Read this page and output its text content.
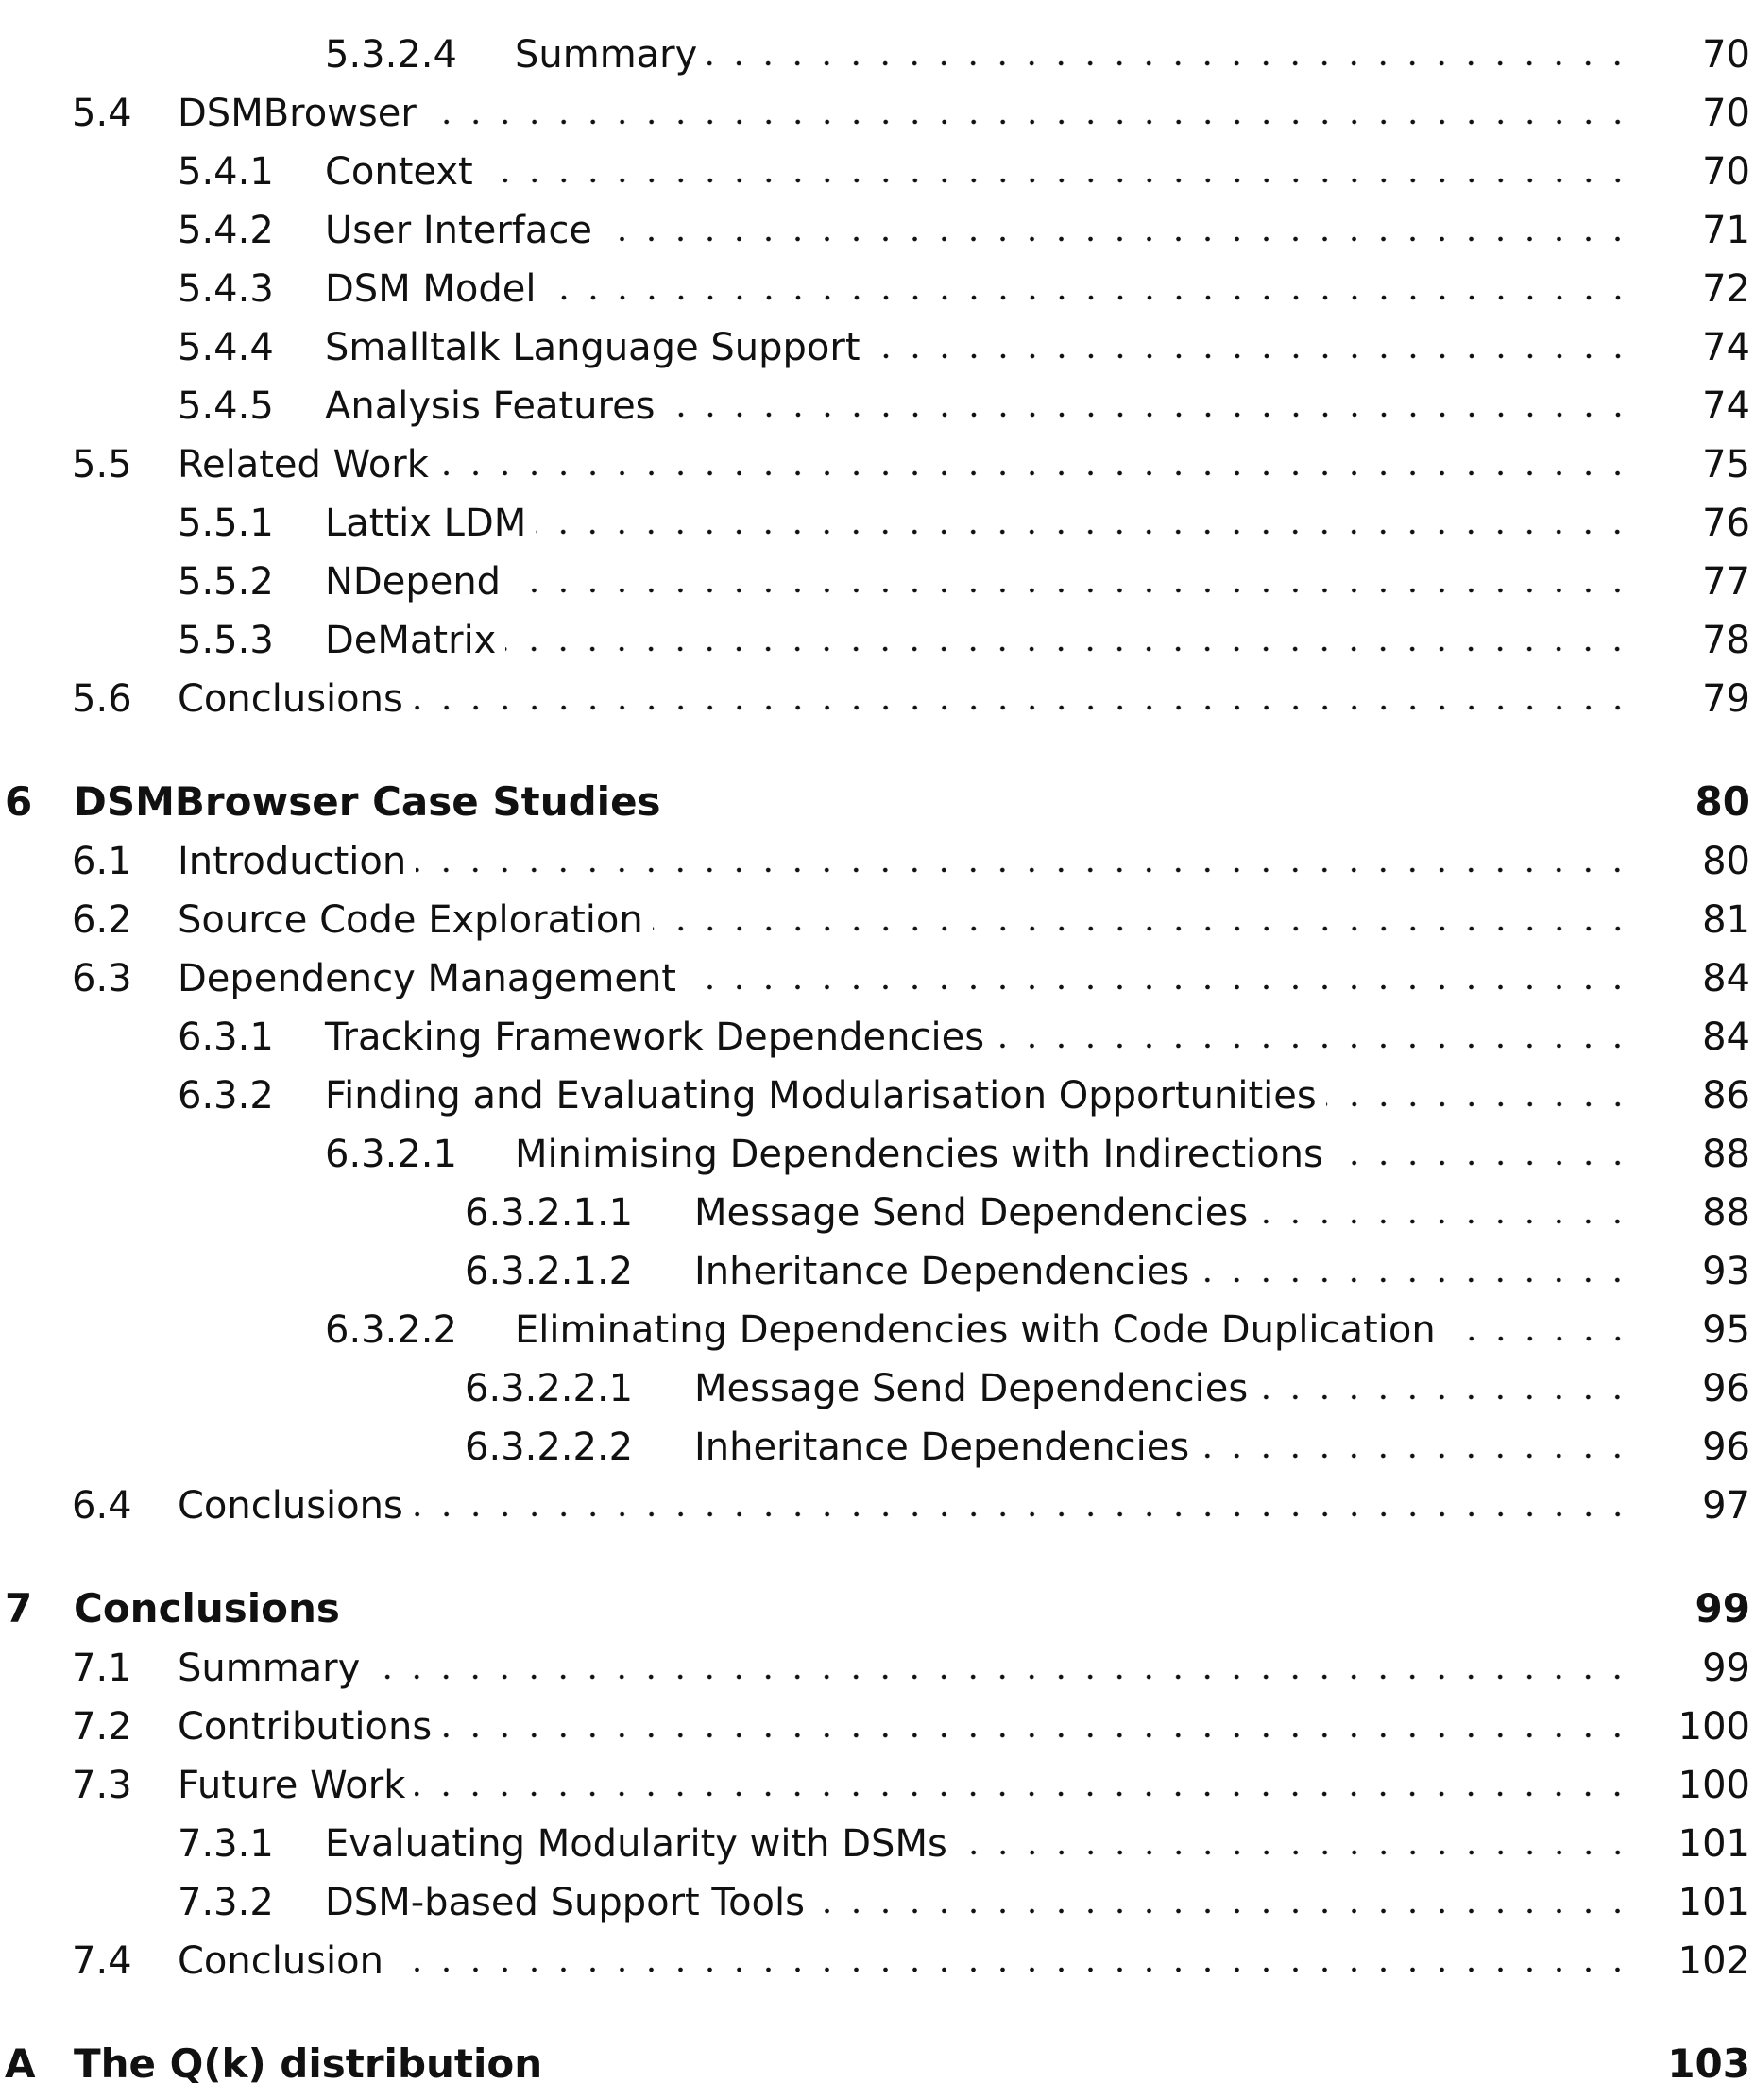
5.3.2.4 Summary	70
5.4 DSMBrowser	70
5.4.1 Context	70
5.4.2 User Interface	71
5.4.3 DSM Model	72
5.4.4 Smalltalk Language Support	74
5.4.5 Analysis Features	74
5.5 Related Work	75
5.5.1 Lattix LDM	76
5.5.2 NDepend	77
5.5.3 DeMatrix	78
5.6 Conclusions	79
6 DSMBrowser Case Studies	80
6.1 Introduction	80
6.2 Source Code Exploration	81
6.3 Dependency Management	84
6.3.1 Tracking Framework Dependencies	84
6.3.2 Finding and Evaluating Modularisation Opportunities	86
6.3.2.1 Minimising Dependencies with Indirections	88
6.3.2.1.1 Message Send Dependencies	88
6.3.2.1.2 Inheritance Dependencies	93
6.3.2.2 Eliminating Dependencies with Code Duplication	95
6.3.2.2.1 Message Send Dependencies	96
6.3.2.2.2 Inheritance Dependencies	96
6.4 Conclusions	97
7 Conclusions	99
7.1 Summary	99
7.2 Contributions	100
7.3 Future Work	100
7.3.1 Evaluating Modularity with DSMs	101
7.3.2 DSM-based Support Tools	101
7.4 Conclusion	102
A The Q(k) distribution	103
